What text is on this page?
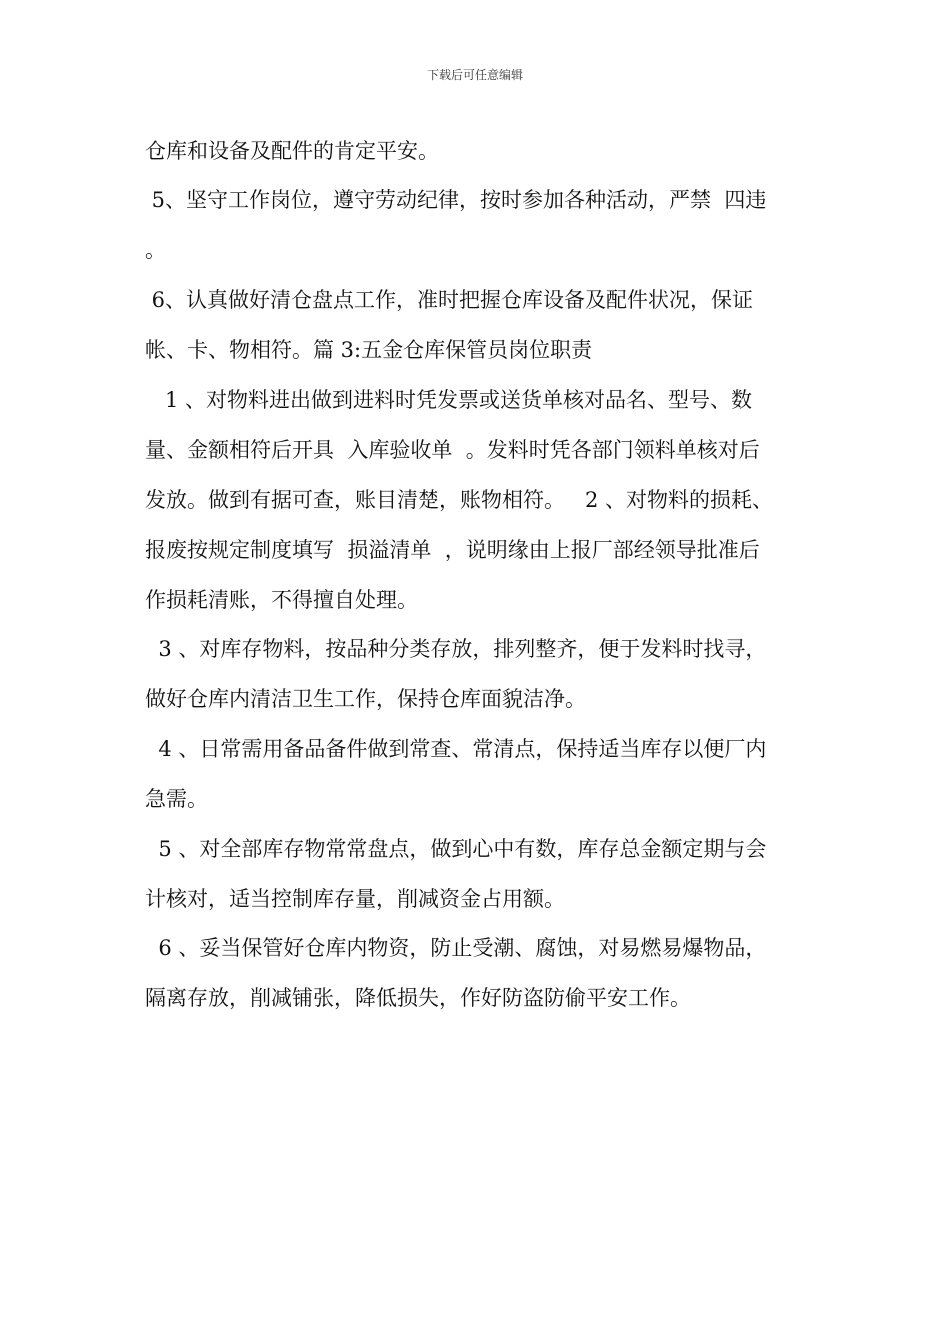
下载后可任意编辑
仓库和设备及配件的肯定平安。
5、坚守工作岗位，遵守劳动纪律，按时参加各种活动，严禁  四违
。
6、认真做好清仓盘点工作，准时把握仓库设备及配件状况，保证
帐、卡、物相符。篇 3:五金仓库保管员岗位职责
1 、对物料进出做到进料时凭发票或送货单核对品名、型号、数
量、金额相符后开具  入库验收单  。发料时凭各部门领料单核对后
发放。做到有据可查，账目清楚，账物相符。   2 、对物料的损耗、
报废按规定制度填写  损溢清单  ，说明缘由上报厂部经领导批准后
作损耗清账，不得擅自处理。
3 、对库存物料，按品种分类存放，排列整齐，便于发料时找寻，
做好仓库内清洁卫生工作，保持仓库面貌洁净。
4 、日常需用备品备件做到常查、常清点，保持适当库存以便厂内
急需。
5 、对全部库存物常常盘点，做到心中有数，库存总金额定期与会
计核对，适当控制库存量，削减资金占用额。
6 、妥当保管好仓库内物资，防止受潮、腐蚀，对易燃易爆物品，
隔离存放，削减铺张，降低损失，作好防盗防偷平安工作。
